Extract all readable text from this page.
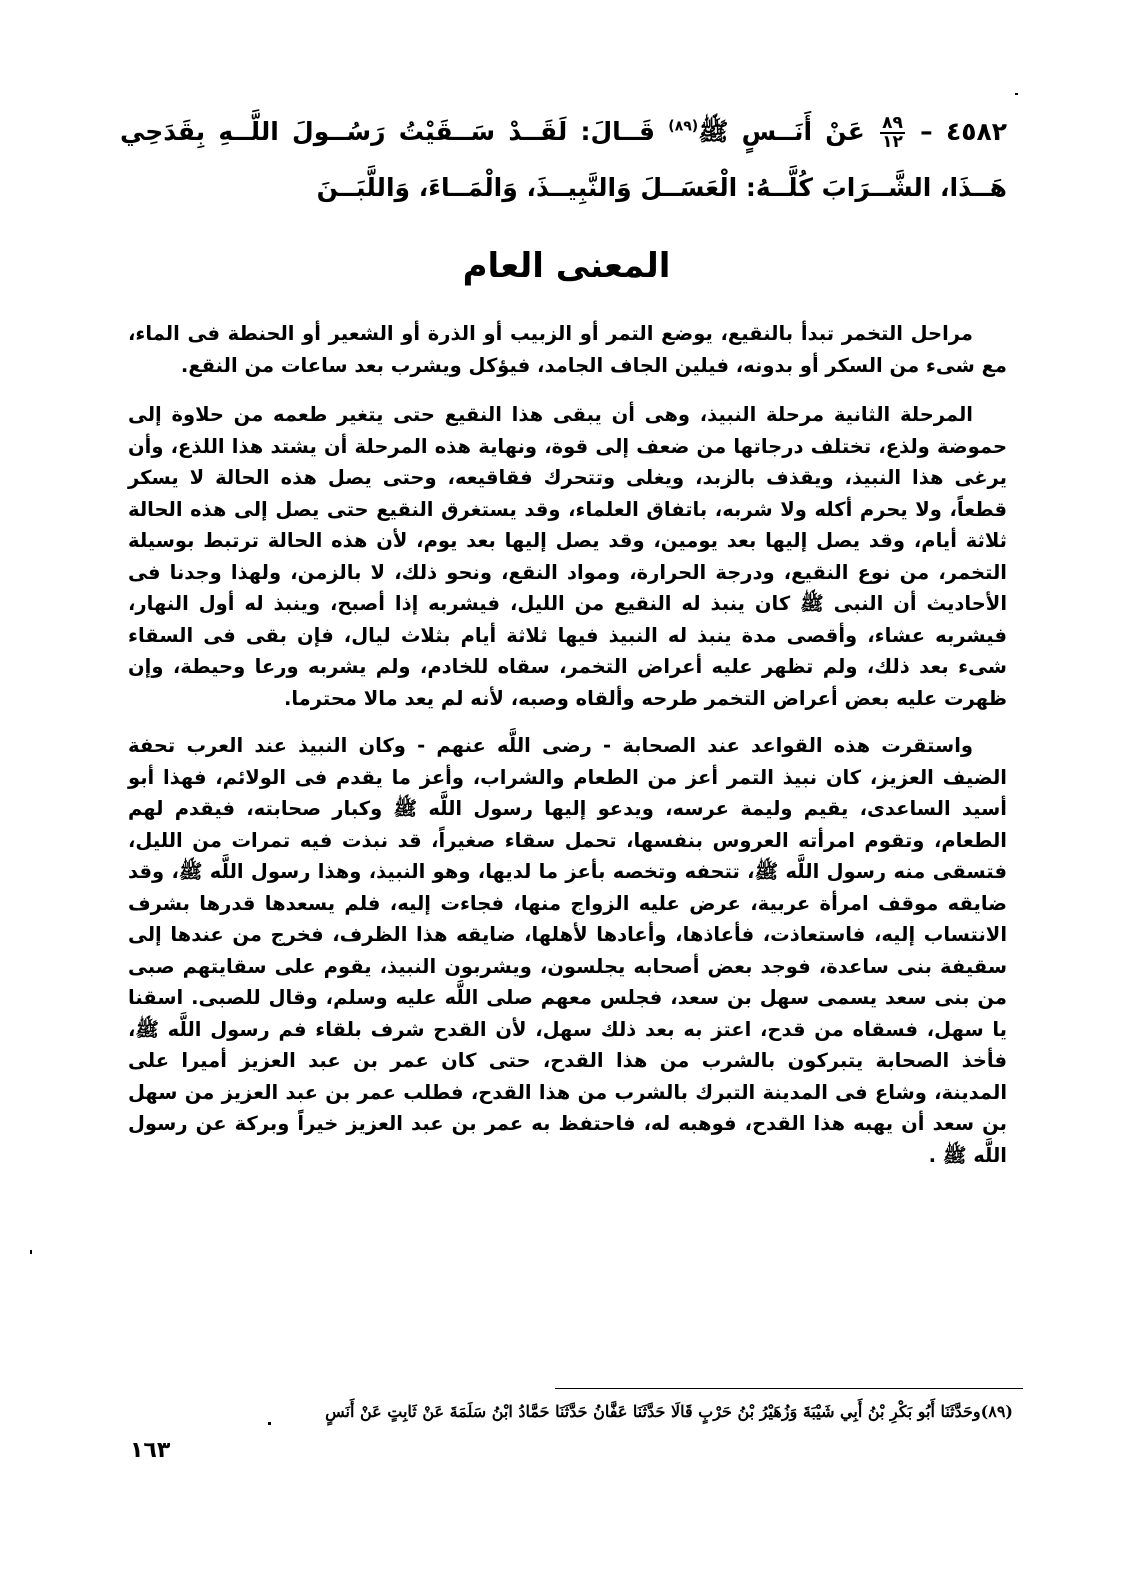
٤٥٨٢ –
$\frac{٨٩}{١٢}$
عَنْ أَنَــسٍ ﷺ$^{(٨٩)}$ قَــالَ: لَقَــدْ سَــقَيْتُ رَسُــولَ اللَّــهِ بِقَدَحِي هَــذَا، الشَّــرَابَ كُلَّــهُ: الْعَسَــلَ وَالنَّبِيــذَ، وَالْمَــاءَ، وَاللَّبَــنَ
المعنى العام

مراحل التخمر تبدأ بالنقيع، يوضع التمر أو الزبيب أو الذرة أو الشعير أو الحنطة فى الماء، مع شىء من السكر أو بدونه، فيلين الجاف الجامد، فيؤكل ويشرب بعد ساعات من النقع.

المرحلة الثانية مرحلة النبيذ، وهى أن يبقى هذا النقيع حتى يتغير طعمه من حلاوة إلى حموضة ولذع، تختلف درجاتها من ضعف إلى قوة، ونهاية هذه المرحلة أن يشتد هذا اللذع، وأن يرغى هذا النبيذ، ويقذف بالزبد، ويغلى وتتحرك فقاقيعه، وحتى يصل هذه الحالة لا يسكر قطعاً، ولا يحرم أكله ولا شربه، باتفاق العلماء، وقد يستغرق النقيع حتى يصل إلى هذه الحالة ثلاثة أيام، وقد يصل إليها بعد يومين، وقد يصل إليها بعد يوم، لأن هذه الحالة ترتبط بوسيلة التخمر، من نوع النقيع، ودرجة الحرارة، ومواد النقع، ونحو ذلك، لا بالزمن، ولهذا وجدنا فى الأحاديث أن النبى ﷺ كان ينبذ له النقيع من الليل، فيشربه إذا أصبح، وينبذ له أول النهار، فيشربه عشاء، وأقصى مدة ينبذ له النبيذ فيها ثلاثة أيام بثلاث ليال، فإن بقى فى السقاء شىء بعد ذلك، ولم تظهر عليه أعراض التخمر، سقاه للخادم، ولم يشربه ورعا وحيطة، وإن ظهرت عليه بعض أعراض التخمر طرحه وألقاه وصبه، لأنه لم يعد مالا محترما.

واستقرت هذه القواعد عند الصحابة - رضى اللَّه عنهم - وكان النبيذ عند العرب تحفة الضيف العزيز، كان نبيذ التمر أعز من الطعام والشراب، وأعز ما يقدم فى الولائم، فهذا أبو أسيد الساعدى، يقيم وليمة عرسه، ويدعو إليها رسول اللَّه ﷺ وكبار صحابته، فيقدم لهم الطعام، وتقوم امرأته العروس بنفسها، تحمل سقاء صغيراً، قد نبذت فيه تمرات من الليل، فتسقى منه رسول اللَّه ﷺ، تتحفه وتخصه بأعز ما لديها، وهو النبيذ، وهذا رسول اللَّه ﷺ، وقد ضايقه موقف امرأة عربية، عرض عليه الزواج منها، فجاءت إليه، فلم يسعدها قدرها بشرف الانتساب إليه، فاستعاذت، فأعاذها، وأعادها لأهلها، ضايقه هذا الظرف، فخرج من عندها إلى سقيفة بنى ساعدة، فوجد بعض أصحابه يجلسون، ويشربون النبيذ، يقوم على سقايتهم صبى من بنى سعد يسمى سهل بن سعد، فجلس معهم صلى اللَّه عليه وسلم، وقال للصبى. اسقنا يا سهل، فسقاه من قدح، اعتز به بعد ذلك سهل، لأن القدح شرف بلقاء فم رسول اللَّه ﷺ، فأخذ الصحابة يتبركون بالشرب من هذا القدح، حتى كان عمر بن عبد العزيز أميرا على المدينة، وشاع فى المدينة التبرك بالشرب من هذا القدح، فطلب عمر بن عبد العزيز من سهل بن سعد أن يهبه هذا القدح، فوهبه له، فاحتفظ به عمر بن عبد العزيز خيراً وبركة عن رسول اللَّه ﷺ .

(٨٩)وحَدَّثَنَا أَبُو بَكْرِ بْنُ أَبِي شَيْبَةَ وَزُهَيْرُ بْنُ حَرْبٍ قَالَا حَدَّثَنَا عَفَّانُ حَدَّثَنَا حَمَّادُ ابْنُ سَلَمَةَ عَنْ ثَابِتٍ عَنْ أَنَسٍ
١٦٣
